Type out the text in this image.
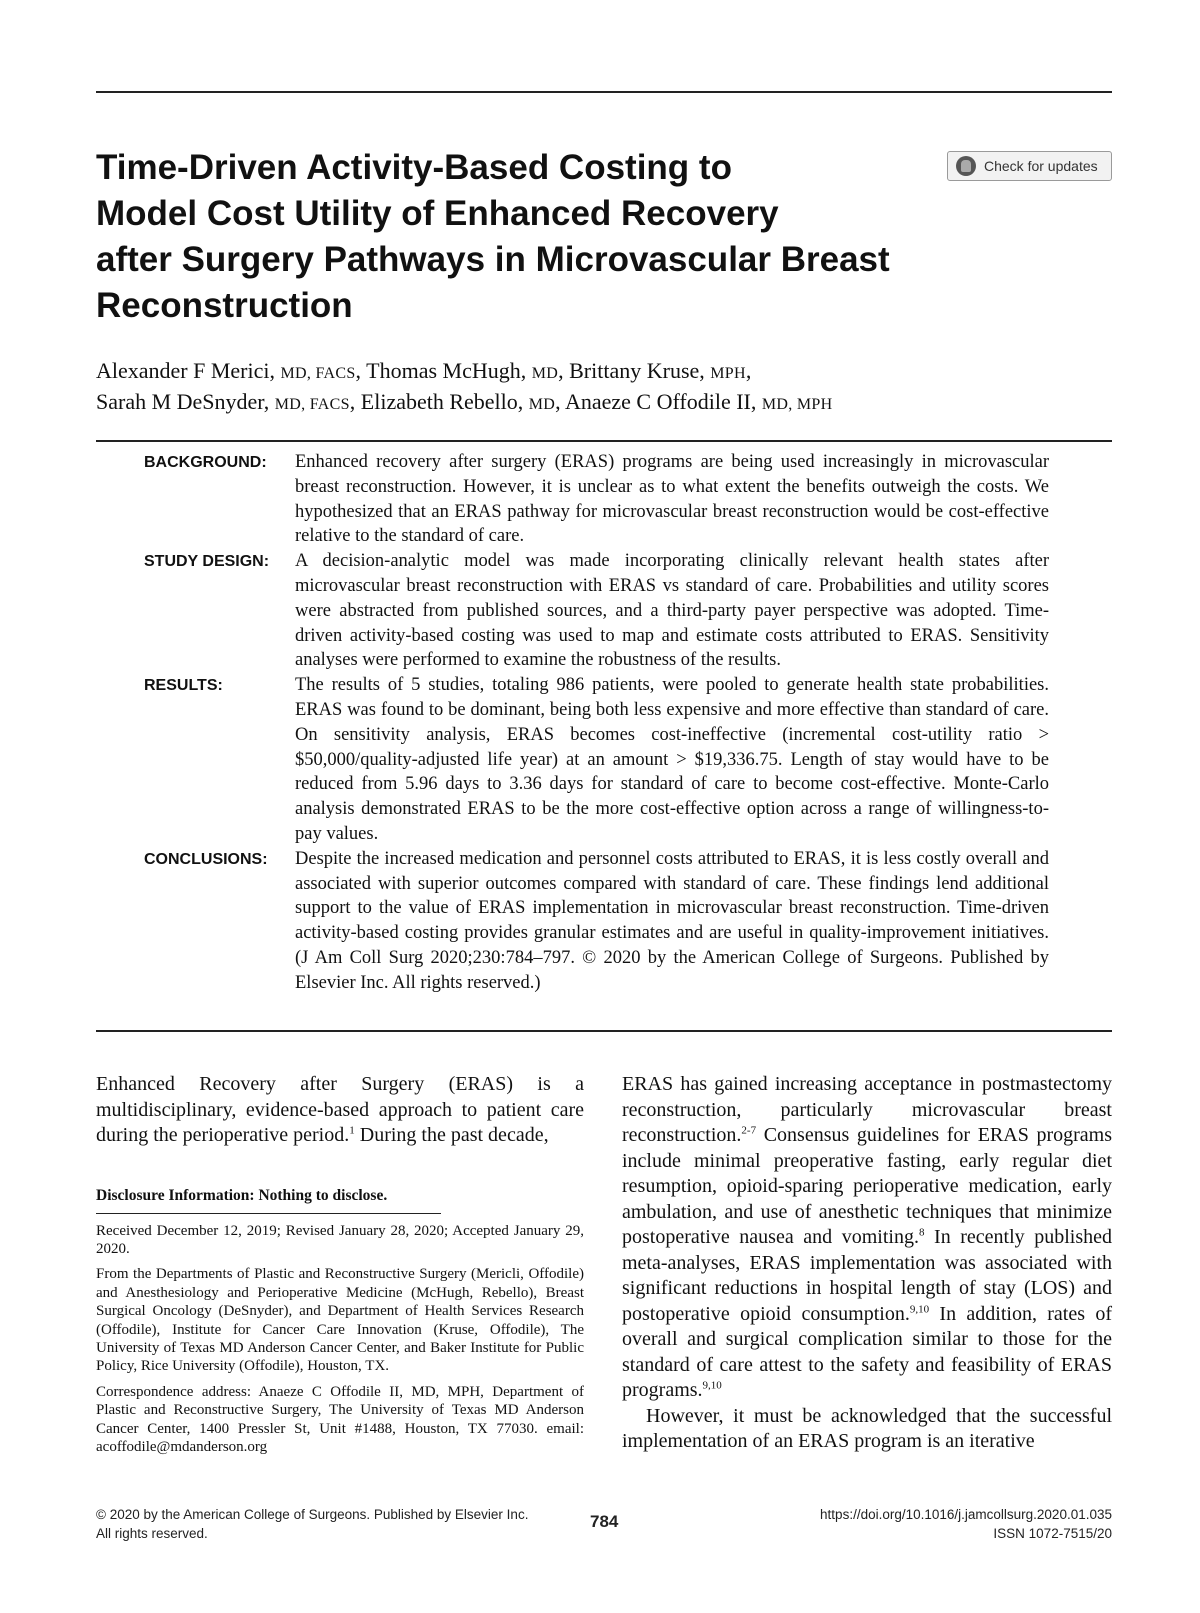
Time-Driven Activity-Based Costing to
Model Cost Utility of Enhanced Recovery
after Surgery Pathways in Microvascular Breast
Reconstruction
Check for updates
Alexander F Merici, MD, FACS, Thomas McHugh, MD, Brittany Kruse, MPH,
Sarah M DeSnyder, MD, FACS, Elizabeth Rebello, MD, Anaeze C Offodile II, MD, MPH
BACKGROUND: Enhanced recovery after surgery (ERAS) programs are being used increasingly in microvascular breast reconstruction. However, it is unclear as to what extent the benefits outweigh the costs. We hypothesized that an ERAS pathway for microvascular breast reconstruction would be cost-effective relative to the standard of care.
STUDY DESIGN: A decision-analytic model was made incorporating clinically relevant health states after microvascular breast reconstruction with ERAS vs standard of care. Probabilities and utility scores were abstracted from published sources, and a third-party payer perspective was adopted. Time-driven activity-based costing was used to map and estimate costs attributed to ERAS. Sensitivity analyses were performed to examine the robustness of the results.
RESULTS:	The results of 5 studies, totaling 986 patients, were pooled to generate health state probabilities. ERAS was found to be dominant, being both less expensive and more effective than standard of care. On sensitivity analysis, ERAS becomes cost-ineffective (incremental cost-utility ratio > $50,000/quality-adjusted life year) at an amount > $19,336.75. Length of stay would have to be reduced from 5.96 days to 3.36 days for standard of care to become cost-effective. Monte-Carlo analysis demonstrated ERAS to be the more cost-effective option across a range of willingness-to-pay values.
CONCLUSIONS: Despite the increased medication and personnel costs attributed to ERAS, it is less costly overall and associated with superior outcomes compared with standard of care. These findings lend additional support to the value of ERAS implementation in microvascular breast reconstruction. Time-driven activity-based costing provides granular estimates and are useful in quality-improvement initiatives. (J Am Coll Surg 2020;230:784–797. © 2020 by the American College of Surgeons. Published by Elsevier Inc. All rights reserved.)

Enhanced Recovery after Surgery (ERAS) is a multidisciplinary, evidence-based approach to patient care during the perioperative period.$^1$ During the past decade,

Disclosure Information: Nothing to disclose.

Received December 12, 2019; Revised January 28, 2020; Accepted January 29, 2020.

From the Departments of Plastic and Reconstructive Surgery (Mericli, Offodile) and Anesthesiology and Perioperative Medicine (McHugh, Rebello), Breast Surgical Oncology (DeSnyder), and Department of Health Services Research (Offodile), Institute for Cancer Care Innovation (Kruse, Offodile), The University of Texas MD Anderson Cancer Center, and Baker Institute for Public Policy, Rice University (Offodile), Houston, TX.

Correspondence address: Anaeze C Offodile II, MD, MPH, Department of Plastic and Reconstructive Surgery, The University of Texas MD Anderson Cancer Center, 1400 Pressler St, Unit #1488, Houston, TX 77030. email: acoffodile@mdanderson.org

ERAS has gained increasing acceptance in postmastectomy reconstruction, particularly microvascular breast reconstruction.$^{2-7}$ Consensus guidelines for ERAS programs include minimal preoperative fasting, early regular diet resumption, opioid-sparing perioperative medication, early ambulation, and use of anesthetic techniques that minimize postoperative nausea and vomiting.$^8$ In recently published meta-analyses, ERAS implementation was associated with significant reductions in hospital length of stay (LOS) and postoperative opioid consumption.$^{9,10}$ In addition, rates of overall and surgical complication similar to those for the standard of care attest to the safety and feasibility of ERAS programs.$^{9,10}$

However, it must be acknowledged that the successful implementation of an ERAS program is an iterative

© 2020 by the American College of Surgeons. Published by Elsevier Inc.
All rights reserved.
784	https://doi.org/10.1016/j.jamcollsurg.2020.01.035
ISSN 1072-7515/20
